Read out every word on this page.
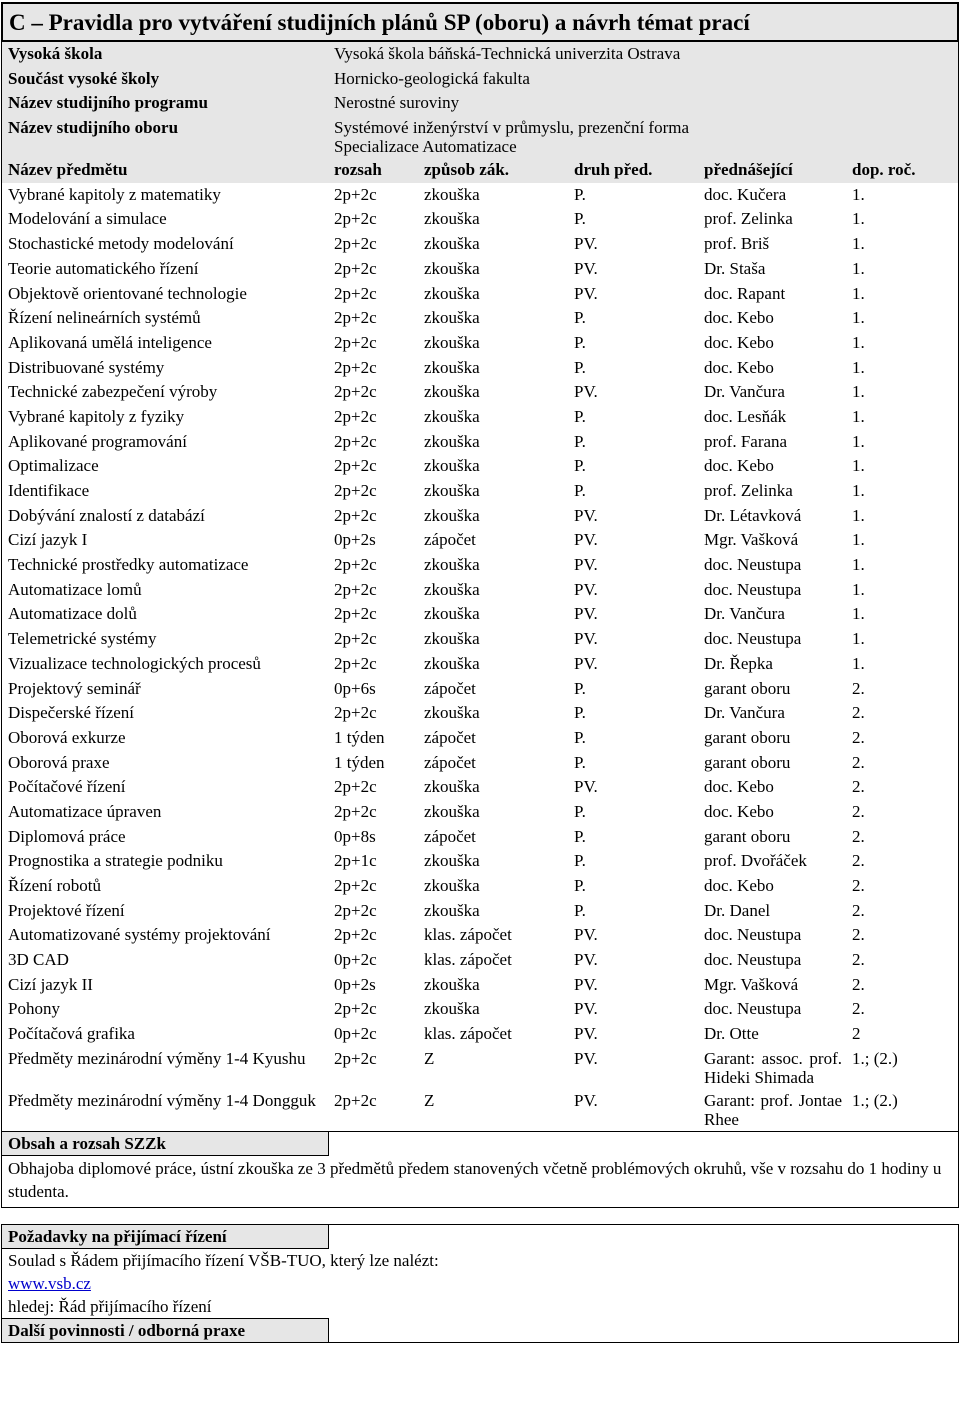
C – Pravidla pro vytváření studijních plánů SP (oboru) a návrh témat prací
Vysoká škola	Vysoká škola báňská-Technická univerzita Ostrava				
Součást vysoké školy	Hornicko-geologická fakulta				
Název studijního programu	Nerostné suroviny				
Název studijního oboru	Systémové inženýrství v průmyslu, prezenční forma
Specializace Automatizace				

Název předmětu	rozsah	způsob zák.	druh před.	přednášející	dop. roč.
Vybrané kapitoly z matematiky	2p+2c	zkouška	P.	doc. Kučera	1.
Modelování a simulace	2p+2c	zkouška	P.	prof. Zelinka	1.
Stochastické metody modelování	2p+2c	zkouška	PV.	prof. Briš	1.
Teorie automatického řízení	2p+2c	zkouška	PV.	Dr. Staša	1.
Objektově orientované technologie	2p+2c	zkouška	PV.	doc. Rapant	1.
Řízení nelineárních systémů	2p+2c	zkouška	P.	doc. Kebo	1.
Aplikovaná umělá inteligence	2p+2c	zkouška	P.	doc. Kebo	1.
Distribuované systémy	2p+2c	zkouška	P.	doc. Kebo	1.
Technické zabezpečení výroby	2p+2c	zkouška	PV.	Dr. Vančura	1.
Vybrané kapitoly z fyziky	2p+2c	zkouška	P.	doc. Lesňák	1.
Aplikované programování	2p+2c	zkouška	P.	prof. Farana	1.
Optimalizace	2p+2c	zkouška	P.	doc. Kebo	1.
Identifikace	2p+2c	zkouška	P.	prof. Zelinka	1.
Dobývání znalostí z databází	2p+2c	zkouška	PV.	Dr. Létavková	1.
Cizí jazyk I	0p+2s	zápočet	PV.	Mgr. Vašková	1.
Technické prostředky automatizace	2p+2c	zkouška	PV.	doc. Neustupa	1.
Automatizace lomů	2p+2c	zkouška	PV.	doc. Neustupa	1.
Automatizace dolů	2p+2c	zkouška	PV.	Dr. Vančura	1.
Telemetrické systémy	2p+2c	zkouška	PV.	doc. Neustupa	1.
Vizualizace technologických procesů	2p+2c	zkouška	PV.	Dr. Řepka	1.
Projektový seminář	0p+6s	zápočet	P.	garant oboru	2.
Dispečerské řízení	2p+2c	zkouška	P.	Dr. Vančura	2.
Oborová exkurze	1 týden	zápočet	P.	garant oboru	2.
Oborová praxe	1 týden	zápočet	P.	garant oboru	2.
Počítačové řízení	2p+2c	zkouška	PV.	doc. Kebo	2.
Automatizace úpraven	2p+2c	zkouška	P.	doc. Kebo	2.
Diplomová práce	0p+8s	zápočet	P.	garant oboru	2.
Prognostika a strategie podniku	2p+1c	zkouška	P.	prof. Dvořáček	2.
Řízení robotů	2p+2c	zkouška	P.	doc. Kebo	2.
Projektové řízení	2p+2c	zkouška	P.	Dr. Danel	2.
Automatizované systémy projektování	2p+2c	klas. zápočet	PV.	doc. Neustupa	2.
3D CAD	0p+2c	klas. zápočet	PV.	doc. Neustupa	2.
Cizí jazyk II	0p+2s	zkouška	PV.	Mgr. Vašková	2.
Pohony	2p+2c	zkouška	PV.	doc. Neustupa	2.
Počítačová grafika	0p+2c	klas. zápočet	PV.	Dr. Otte	2
Předměty mezinárodní výměny 1-4 Kyushu	2p+2c	Z	PV.	Garant: assoc. prof. Hideki Shimada	1.; (2.)
Předměty mezinárodní výměny 1-4 Dongguk	2p+2c	Z	PV.	Garant: prof. Jontae Rhee	1.; (2.)
Obsah a rozsah SZZk
Obhajoba diplomové práce, ústní zkouška ze 3 předmětů předem stanovených včetně problémových okruhů, vše v rozsahu do 1 hodiny u studenta.
Požadavky na přijímací řízení
Soulad s Řádem přijímacího řízení VŠB-TUO, který lze nalézt:
www.vsb.cz
hledej: Řád přijímacího řízení
Další povinnosti / odborná praxe
